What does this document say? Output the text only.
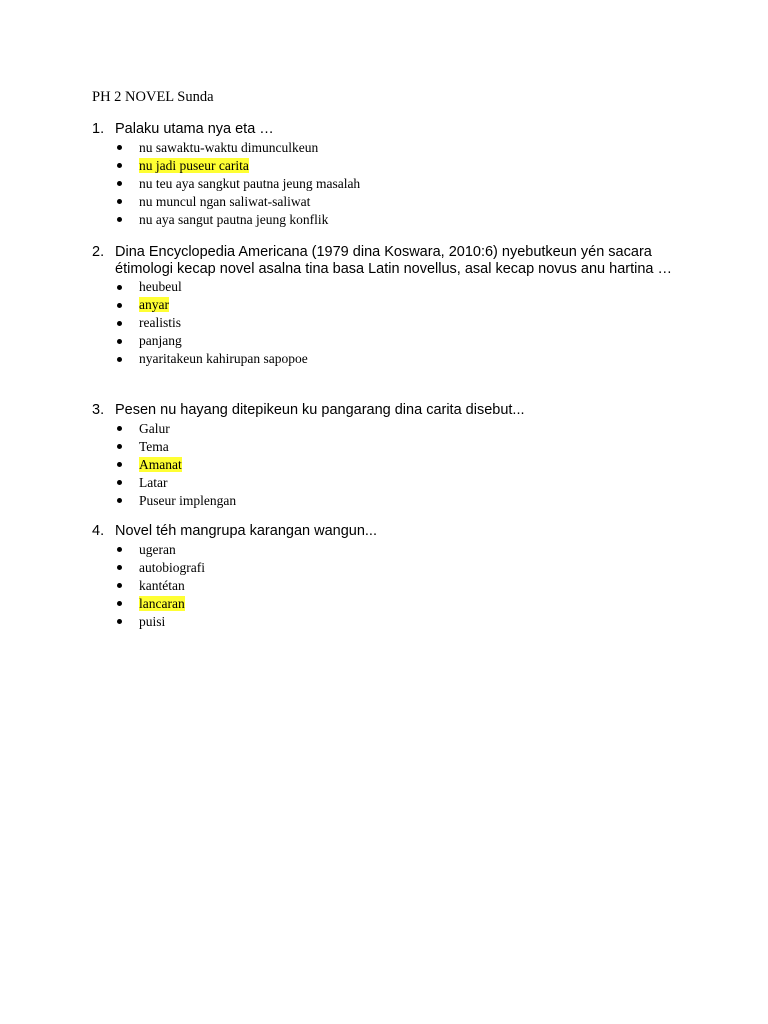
PH 2 NOVEL Sunda
1. Palaku utama nya eta …
nu sawaktu-waktu dimunculkeun
nu jadi puseur carita
nu teu aya sangkut pautna jeung masalah
nu muncul ngan saliwat-saliwat
nu aya sangut pautna jeung konflik
2. Dina Encyclopedia Americana (1979 dina Koswara, 2010:6) nyebutkeun yén sacara étimologi kecap novel asalna tina basa Latin novellus, asal kecap novus anu hartina …
heubeul
anyar
realistis
panjang
nyaritakeun kahirupan sapopoe
3. Pesen nu hayang ditepikeun ku pangarang dina carita disebut...
Galur
Tema
Amanat
Latar
Puseur implengan
4. Novel téh mangrupa karangan wangun...
ugeran
autobiografi
kantétan
lancaran
puisi
